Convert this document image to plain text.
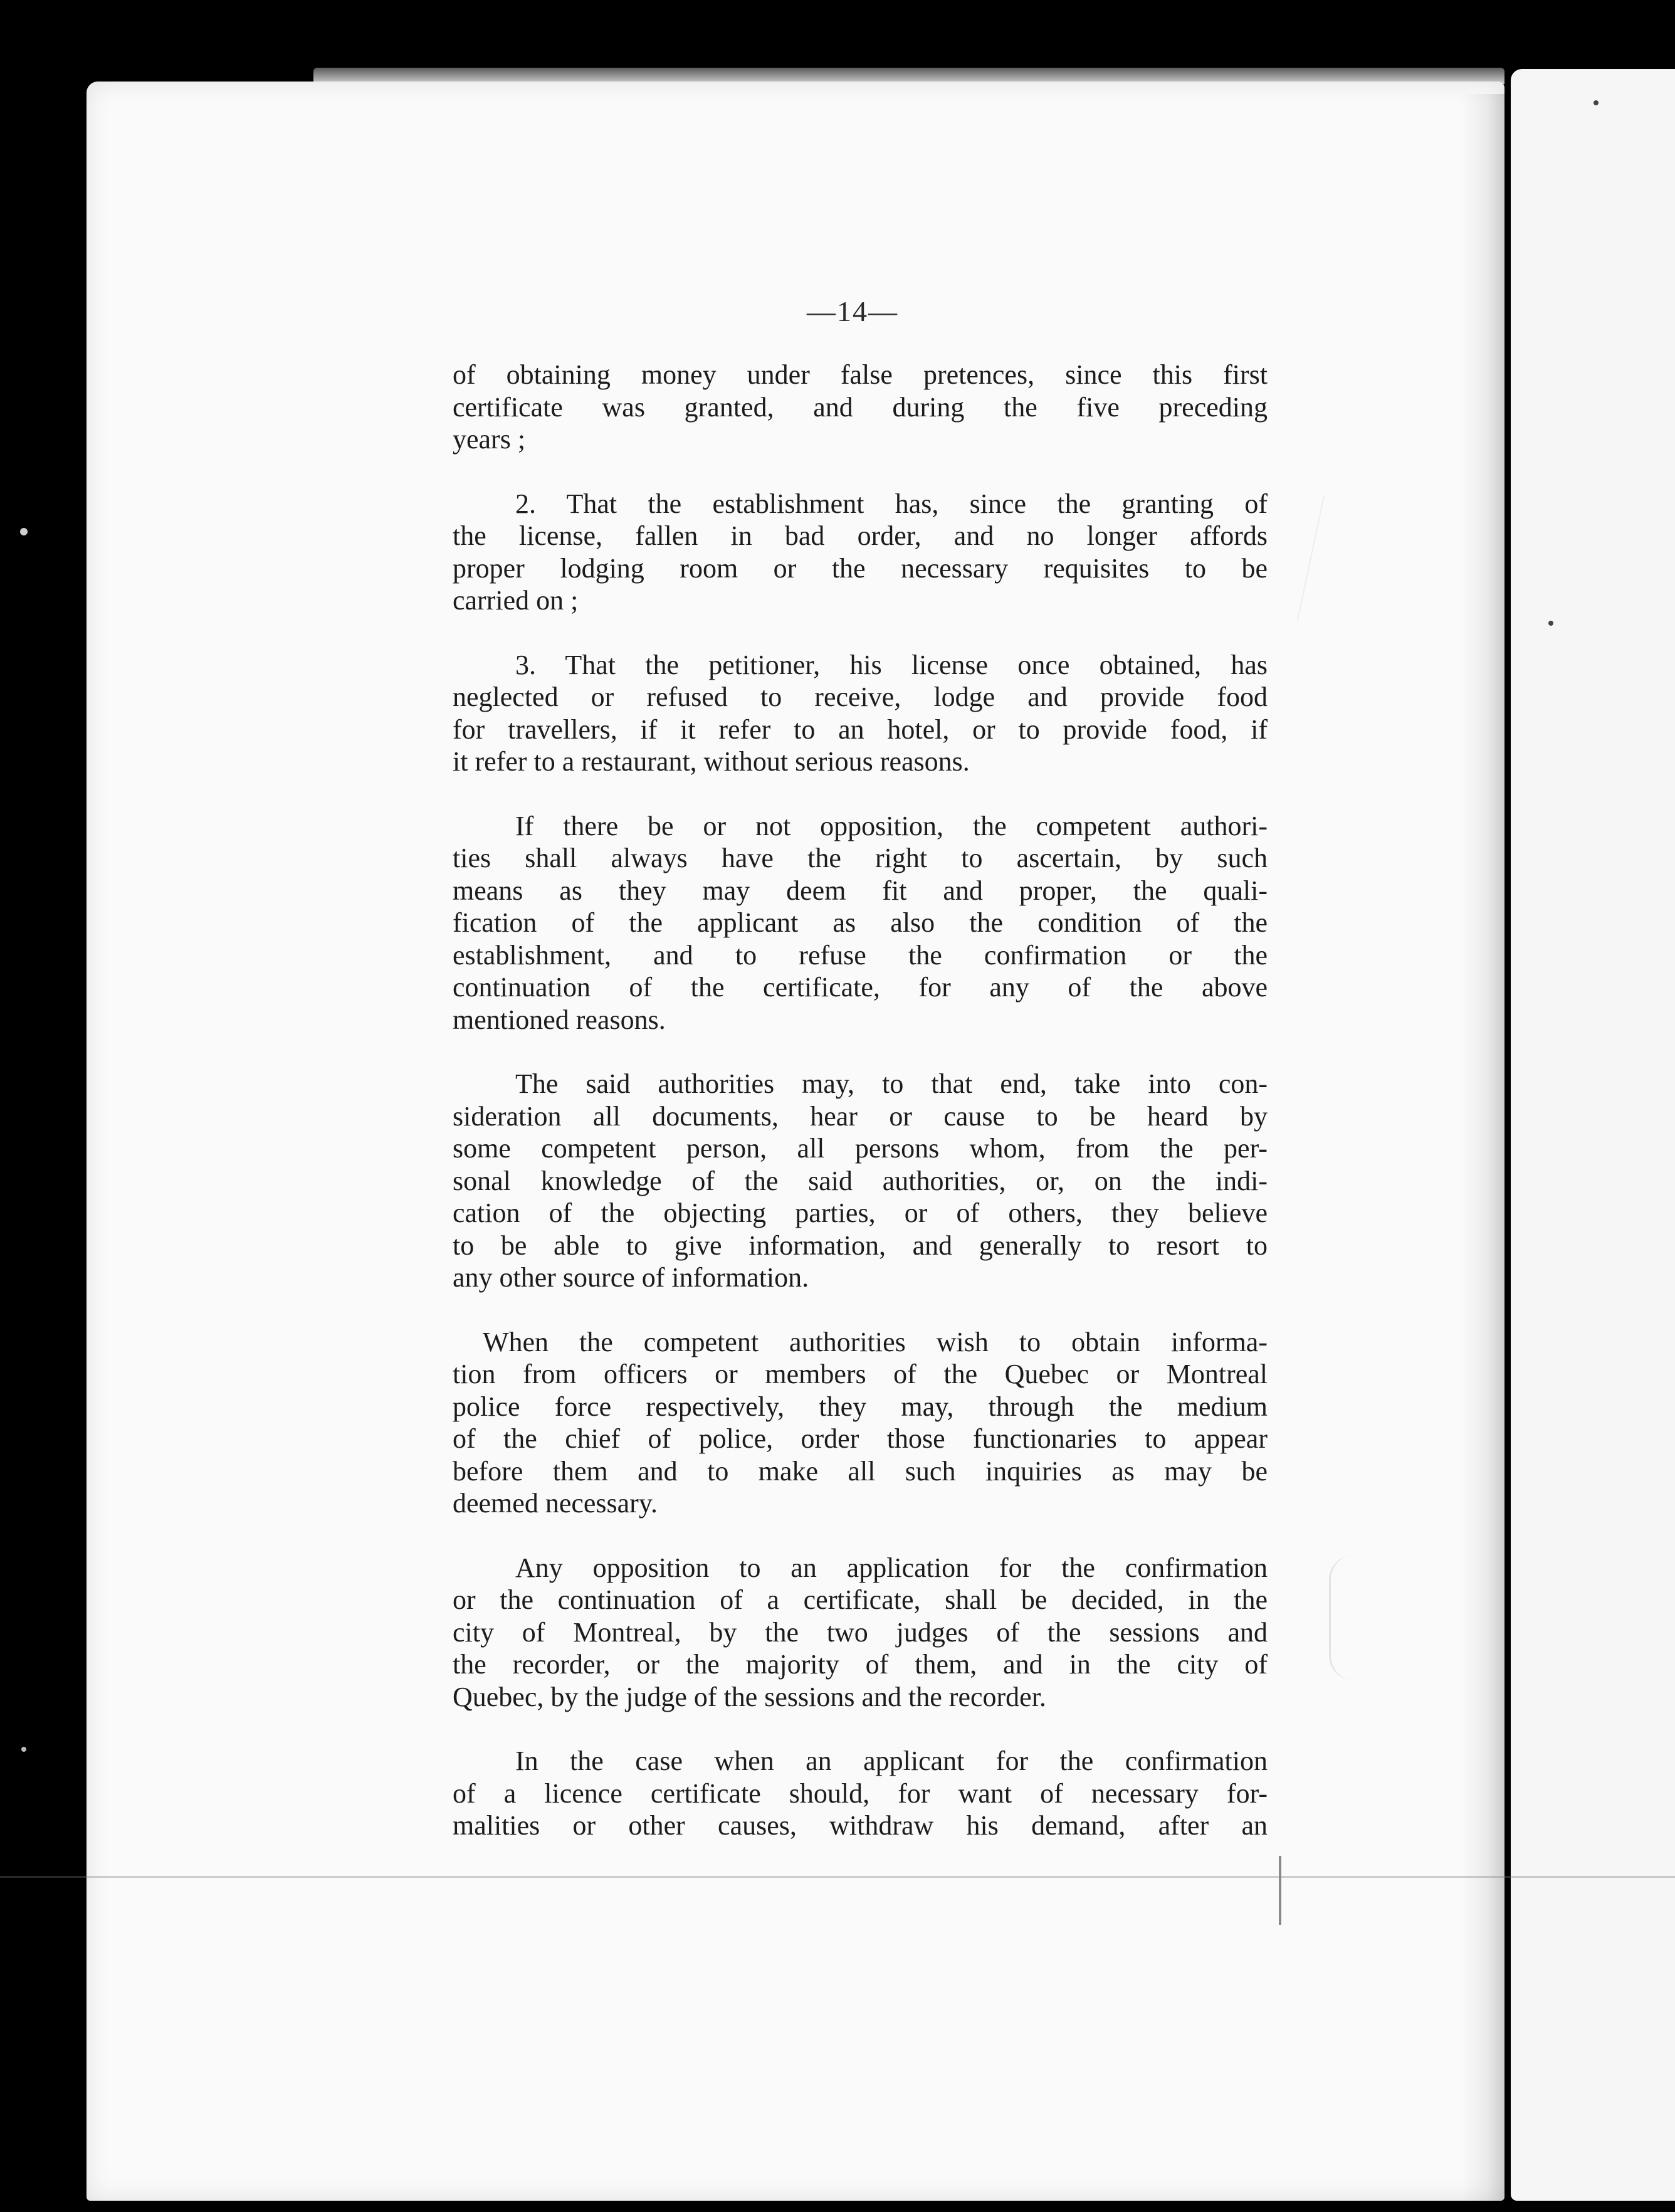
—14—
of obtaining money under false pretences, since this first
certificate was granted, and during the five preceding
years ;
2. That the establishment has, since the granting of
the license, fallen in bad order, and no longer affords
proper lodging room or the necessary requisites to be
carried on ;
3. That the petitioner, his license once obtained, has
neglected or refused to receive, lodge and provide food
for travellers, if it refer to an hotel, or to provide food, if
it refer to a restaurant, without serious reasons.
If there be or not opposition, the competent authori-
ties shall always have the right to ascertain, by such
means as they may deem fit and proper, the quali-
fication of the applicant as also the condition of the
establishment, and to refuse the confirmation or the
continuation of the certificate, for any of the above
mentioned reasons.
The said authorities may, to that end, take into con-
sideration all documents, hear or cause to be heard by
some competent person, all persons whom, from the per-
sonal knowledge of the said authorities, or, on the indi-
cation of the objecting parties, or of others, they believe
to be able to give information, and generally to resort to
any other source of information.
When the competent authorities wish to obtain informa-
tion from officers or members of the Quebec or Montreal
police force respectively, they may, through the medium
of the chief of police, order those functionaries to appear
before them and to make all such inquiries as may be
deemed necessary.
Any opposition to an application for the confirmation
or the continuation of a certificate, shall be decided, in the
city of Montreal, by the two judges of the sessions and
the recorder, or the majority of them, and in the city of
Quebec, by the judge of the sessions and the recorder.
In the case when an applicant for the confirmation
of a licence certificate should, for want of necessary for-
malities or other causes, withdraw his demand, after an
